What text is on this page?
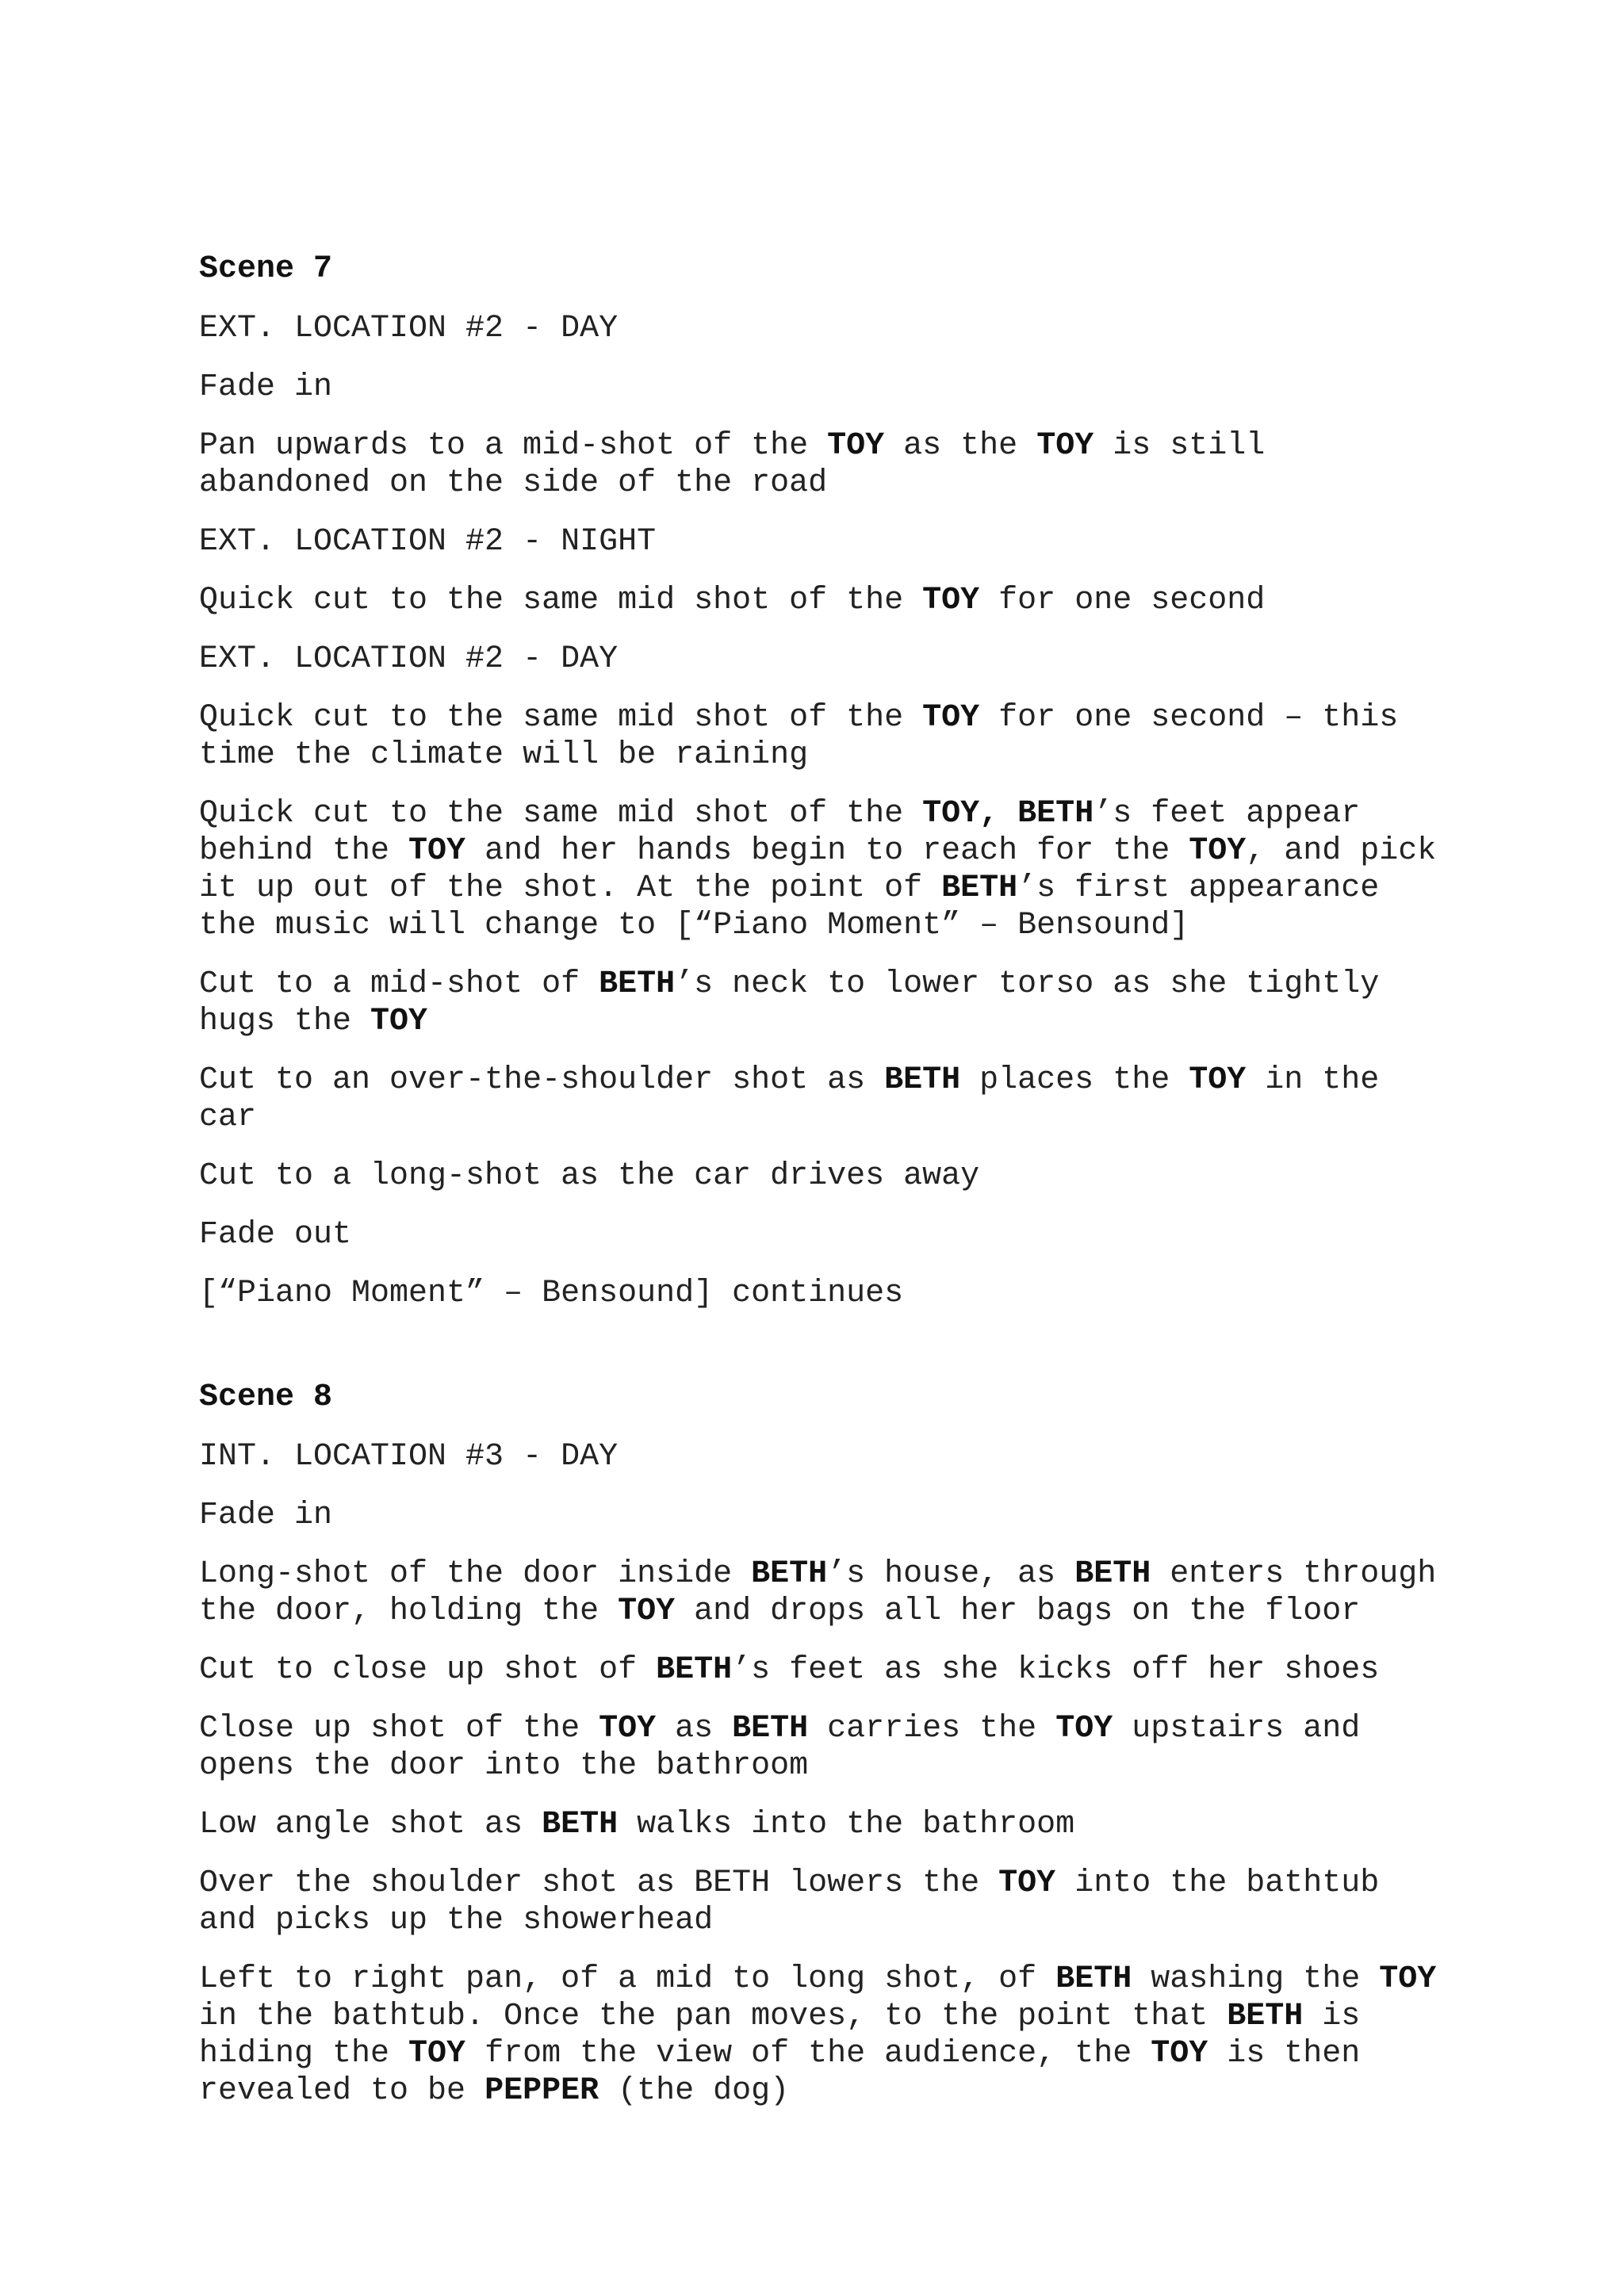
Scene 7

EXT. LOCATION #2 - DAY

Fade in

Pan upwards to a mid-shot of the TOY as the TOY is still abandoned on the side of the road

EXT. LOCATION #2 - NIGHT

Quick cut to the same mid shot of the TOY for one second

EXT. LOCATION #2 - DAY

Quick cut to the same mid shot of the TOY for one second – this time the climate will be raining

Quick cut to the same mid shot of the TOY, BETH’s feet appear behind the TOY and her hands begin to reach for the TOY, and pick it up out of the shot. At the point of BETH’s first appearance the music will change to [“Piano Moment” – Bensound]

Cut to a mid-shot of BETH’s neck to lower torso as she tightly hugs the TOY

Cut to an over-the-shoulder shot as BETH places the TOY in the car

Cut to a long-shot as the car drives away

Fade out

[“Piano Moment” – Bensound] continues

Scene 8

INT. LOCATION #3 - DAY

Fade in

Long-shot of the door inside BETH’s house, as BETH enters through the door, holding the TOY and drops all her bags on the floor

Cut to close up shot of BETH’s feet as she kicks off her shoes

Close up shot of the TOY as BETH carries the TOY upstairs and opens the door into the bathroom

Low angle shot as BETH walks into the bathroom

Over the shoulder shot as BETH lowers the TOY into the bathtub and picks up the showerhead

Left to right pan, of a mid to long shot, of BETH washing the TOY in the bathtub. Once the pan moves, to the point that BETH is hiding the TOY from the view of the audience, the TOY is then revealed to be PEPPER (the dog)
